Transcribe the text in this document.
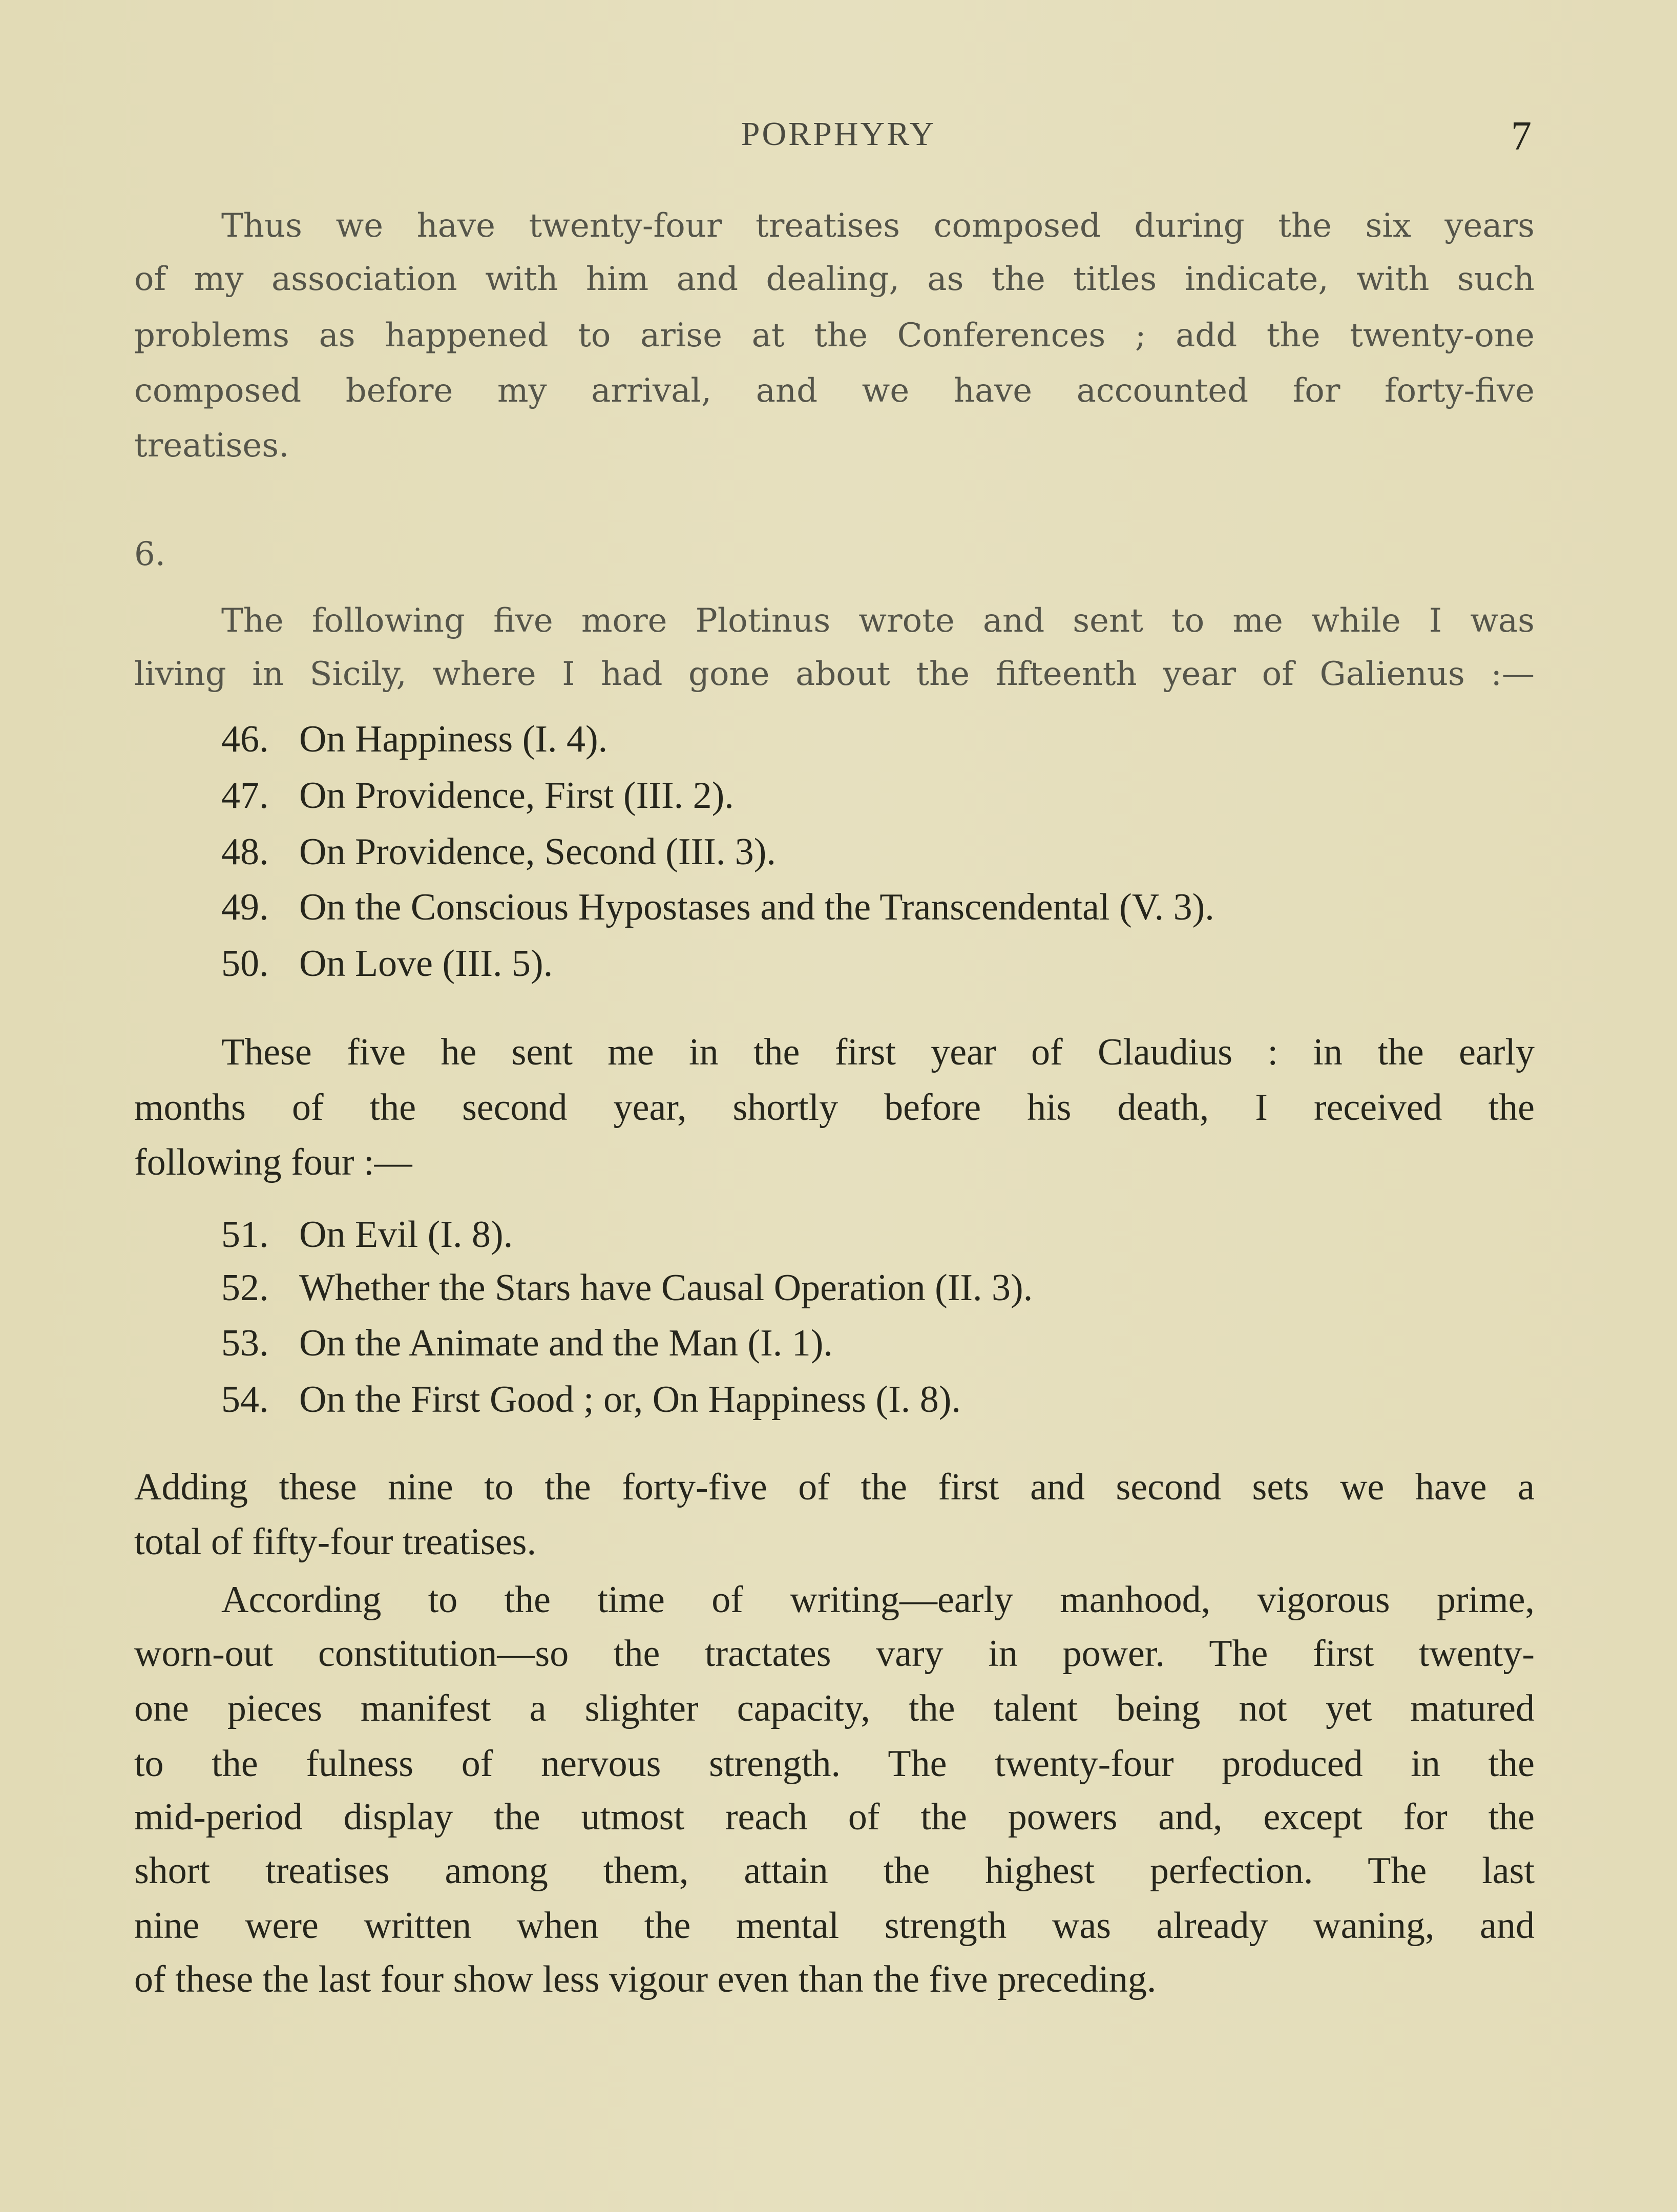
PORPHYRY	7
Thus we have twenty-four treatises composed during the six years
of my association with him and dealing, as the titles indicate, with such
problems as happened to arise at the Conferences ; add the twenty-one
composed before my arrival, and we have accounted for forty-five
treatises.
6.
The following five more Plotinus wrote and sent to me while I was
living in Sicily, where I had gone about the fifteenth year of Galienus :—
46. On Happiness (I. 4).
47. On Providence, First (III. 2).
48. On Providence, Second (III. 3).
49. On the Conscious Hypostases and the Transcendental (V. 3).
50. On Love (III. 5).
These five he sent me in the first year of Claudius : in the early
months of the second year, shortly before his death, I received the
following four :—
51. On Evil (I. 8).
52. Whether the Stars have Causal Operation (II. 3).
53. On the Animate and the Man (I. 1).
54. On the First Good ; or, On Happiness (I. 8).
Adding these nine to the forty-five of the first and second sets we have a
total of fifty-four treatises.
According to the time of writing—early manhood, vigorous prime,
worn-out constitution—so the tractates vary in power. The first twenty-
one pieces manifest a slighter capacity, the talent being not yet matured
to the fulness of nervous strength. The twenty-four produced in the
mid-period display the utmost reach of the powers and, except for the
short treatises among them, attain the highest perfection. The last
nine were written when the mental strength was already waning, and
of these the last four show less vigour even than the five preceding.
